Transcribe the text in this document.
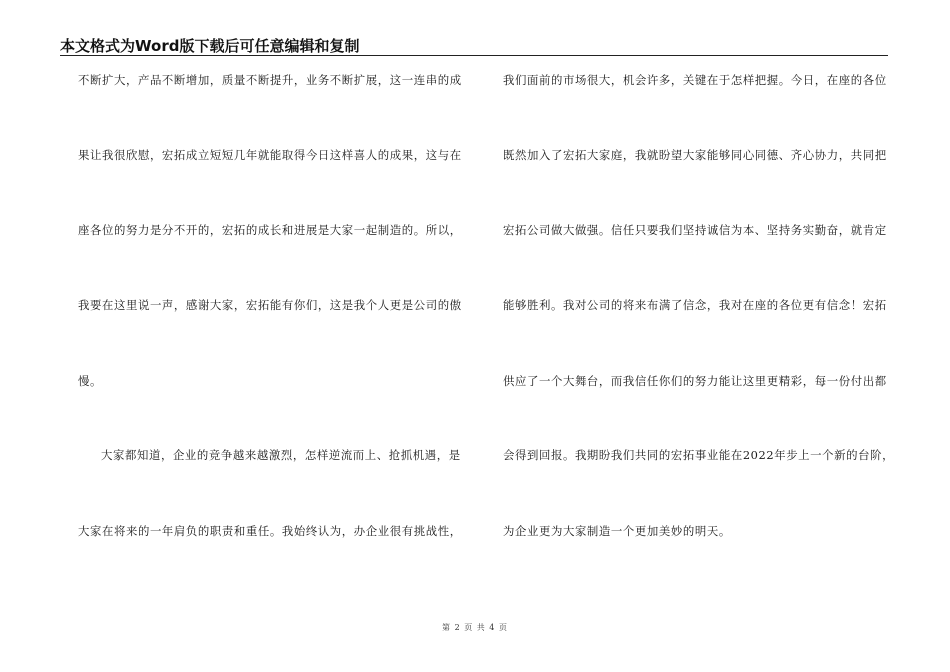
本文格式为Word版下载后可任意编辑和复制
不断扩大，产品不断增加，质量不断提升，业务不断扩展，这一连串的成
果让我很欣慰，宏拓成立短短几年就能取得今日这样喜人的成果，这与在
座各位的努力是分不开的，宏拓的成长和进展是大家一起制造的。所以，
我要在这里说一声，感谢大家，宏拓能有你们，这是我个人更是公司的傲
慢。
大家都知道，企业的竞争越来越激烈，怎样逆流而上、抢抓机遇，是
大家在将来的一年肩负的职责和重任。我始终认为，办企业很有挑战性，
我们面前的市场很大，机会许多，关键在于怎样把握。今日，在座的各位
既然加入了宏拓大家庭，我就盼望大家能够同心同德、齐心协力，共同把
宏拓公司做大做强。信任只要我们坚持诚信为本、坚持务实勤奋，就肯定
能够胜利。我对公司的将来布满了信念，我对在座的各位更有信念！宏拓
供应了一个大舞台，而我信任你们的努力能让这里更精彩，每一份付出都
会得到回报。我期盼我们共同的宏拓事业能在2022年步上一个新的台阶，
为企业更为大家制造一个更加美妙的明天。
第 2 页 共 4 页
